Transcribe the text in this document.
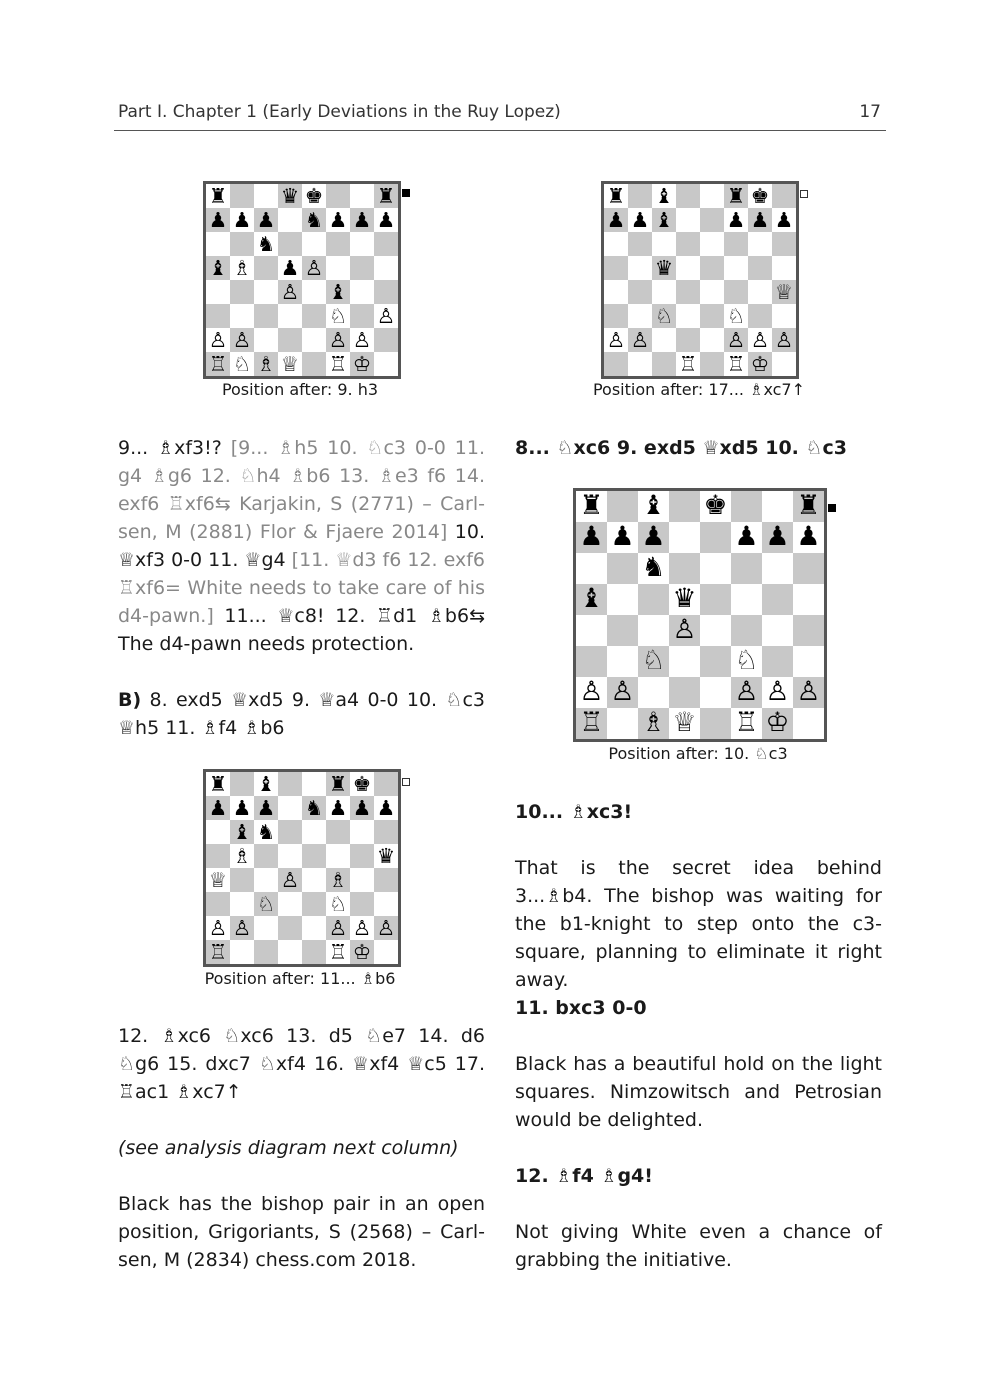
Part I. Chapter 1 (Early Deviations in the Ruy Lopez)	17
♜	♛ ♚	♜
♟ ♟ ♟ ♞ ♟ ♟ ♟
♞
♝ ♗ ♟ ♙
♙ ♝
♘ ♙
♙ ♙	♙ ♙
♖ ♘ ♗ ♕ ♖ ♔
Position after: 9. h3
♜ ♝	♜ ♚
♟ ♟ ♝	♟ ♟ ♟
♛
♕
♘	♘
♙ ♙	♙ ♙ ♙
♖ ♖ ♔
Position after: 17... ♗xc7↑
♜ ♝	♜ ♚
♟ ♟ ♟ ♞ ♟ ♟ ♟
♝ ♞
♗	♛
♕	♙ ♗
♘	♘
♙ ♙	♙ ♙ ♙
♖	♖ ♔
Position after: 11... ♗b6
♜ ♝ ♚	♜
♟ ♟ ♟	♟ ♟ ♟
♞
♝	♛
♙
♘	♘
♙ ♙	♙ ♙ ♙
♖ ♗ ♕ ♖ ♔
Position after: 10. ♘c3
9... ♗xf3!? [9... ♗h5 10. ♘c3 0-0 11. g4 ♗g6 12. ♘h4 ♗b6 13. ♗e3 f6 14. exf6 ♖xf6⇆ Karjakin, S (2771) – Carlsen, M (2881) Flor & Fjaere 2014] 10. ♕xf3 0-0 11. ♕g4 [11. ♕d3 f6 12. exf6 ♖xf6= White needs to take care of his d4-pawn.] 11... ♕c8! 12. ♖d1 ♗b6⇆ The d4-pawn needs protection.
B) 8. exd5 ♕xd5 9. ♕a4 0-0 10. ♘c3 ♕h5 11. ♗f4 ♗b6
12. ♗xc6 ♘xc6 13. d5 ♘e7 14. d6 ♘g6 15. dxc7 ♘xf4 16. ♕xf4 ♕c5 17. ♖ac1 ♗xc7↑
(see analysis diagram next column)
Black has the bishop pair in an open position, Grigoriants, S (2568) – Carlsen, M (2834) chess.com 2018.
8... ♘xc6 9. exd5 ♕xd5 10. ♘c3
10... ♗xc3!
That is the secret idea behind 3...♗b4. The bishop was waiting for the b1-knight to step onto the c3-square, planning to eliminate it right away.
11. bxc3 0-0
Black has a beautiful hold on the light squares. Nimzowitsch and Petrosian would be delighted.
12. ♗f4 ♗g4!
Not giving White even a chance of grabbing the initiative.
